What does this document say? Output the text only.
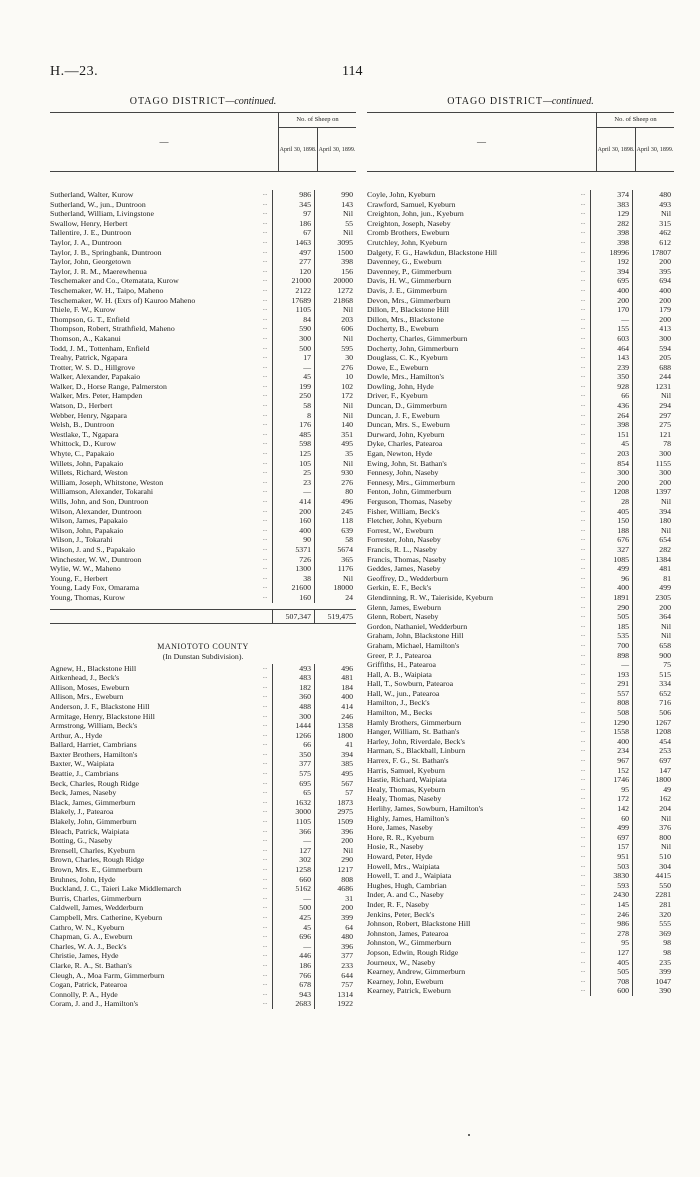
H.—23.	114
OTAGO DISTRICT—continued.
—
No. of Sheep on
April 30, 1898. April 30, 1899.
Sutherland, Walter, Kurow	...	986	990
Sutherland, W., jun., Duntroon	...	345	143
Sutherland, William, Livingstone	...	97	Nil
Swallow, Henry, Herbert	...	186	55
Tallentire, J. E., Duntroon	...	67	Nil
Taylor, J. A., Duntroon	...	1463	3095
Taylor, J. B., Springbank, Duntroon	...	497	1500
Taylor, John, Georgetown	...	277	398
Taylor, J. R. M., Maerewhenua	...	120	156
Teschemaker and Co., Otematata, Kurow	...	21000	20000
Teschemaker, W. H., Taipo, Maheno	...	2122	1272
Teschemaker, W. H. (Exrs of) Kauroo Maheno	...	17689	21868
Thiele, F. W., Kurow	...	1105	Nil
Thompson, G. T., Enfield	...	84	203
Thompson, Robert, Strathfield, Maheno	...	590	606
Thomson, A., Kakanui	...	300	Nil
Todd, J. M., Tottenham, Enfield	...	500	595
Treahy, Patrick, Ngapara	...	17	30
Trotter, W. S. D., Hillgrove	...	—	276
Walker, Alexander, Papakaio	...	45	10
Walker, D., Horse Range, Palmerston	...	199	102
Walker, Mrs. Peter, Hampden	...	250	172
Watson, D., Herbert	...	58	Nil
Webber, Henry, Ngapara	...	8	Nil
Welsh, B., Duntroon	...	176	140
Westlake, T., Ngapara	...	485	351
Whittock, D., Kurow	...	598	495
Whyte, C., Papakaio	...	125	35
Willets, John, Papakaio	...	105	Nil
Willets, Richard, Weston	...	25	930
William, Joseph, Whitstone, Weston	...	23	276
Williamson, Alexander, Tokarahi	...	—	80
Wills, John, and Son, Duntroon	...	414	496
Wilson, Alexander, Duntroon	...	200	245
Wilson, James, Papakaio	...	160	118
Wilson, John, Papakaio	...	400	639
Wilson, J., Tokarahi	...	90	58
Wilson, J. and S., Papakaio	...	5371	5674
Winchester, W. W., Duntroon	...	726	365
Wylie, W. W., Maheno	...	1300	1176
Young, F., Herbert	...	38	Nil
Young, Lady Fox, Omarama	...	21600	18000
Young, Thomas, Kurow	...	160	24
507,347	519,475
MANIOTOTO COUNTY
(In Dunstan Subdivision).
Agnew, H., Blackstone Hill	...	493	496
Aitkenhead, J., Beck's	...	483	481
Allison, Moses, Eweburn	...	182	184
Allison, Mrs., Eweburn	...	360	400
Anderson, J. F., Blackstone Hill	...	488	414
Armitage, Henry, Blackstone Hill	...	300	246
Armstrong, William, Beck's	...	1444	1358
Arthur, A., Hyde	...	1266	1800
Ballard, Harriet, Cambrians	...	66	41
Baxter Brothers, Hamilton's	...	350	394
Baxter, W., Waipiata	...	377	385
Beattie, J., Cambrians	...	575	495
Beck, Charles, Rough Ridge	...	695	567
Beck, James, Naseby	...	65	57
Black, James, Gimmerburn	...	1632	1873
Blakely, J., Patearoa	...	3000	2975
Blakely, John, Gimmerburn	...	1105	1509
Bleach, Patrick, Waipiata	...	366	396
Botting, G., Naseby	...	—	200
Brensell, Charles, Kyeburn	...	127	Nil
Brown, Charles, Rough Ridge	...	302	290
Brown, Mrs. E., Gimmerburn	...	1258	1217
Bruhnes, John, Hyde	...	660	808
Buckland, J. C., Taieri Lake Middlemarch	...	5162	4686
Burris, Charles, Gimmerburn	...	—	31
Caldwell, James, Wedderburn	...	500	200
Campbell, Mrs. Catherine, Kyeburn	...	425	399
Cathro, W. N., Kyeburn	...	45	64
Chapman, G. A., Eweburn	...	696	480
Charles, W. A. J., Beck's	...	—	396
Christie, James, Hyde	...	446	377
Clarke, R. A., St. Bathan's	...	186	233
Cleugh, A., Moa Farm, Gimmerburn	...	766	644
Cogan, Patrick, Patearoa	...	678	757
Connolly, P. A., Hyde	...	943	1314
Coram, J. and J., Hamilton's	...	2683	1922
OTAGO DISTRICT—continued.
—
No. of Sheep on
April 30, 1898. April 30, 1899.
Coyle, John, Kyeburn	...	374	480
Crawford, Samuel, Kyeburn	...	383	493
Creighton, John, jun., Kyeburn	...	129	Nil
Creighton, Joseph, Naseby	...	282	315
Cromb Brothers, Eweburn	...	398	462
Crutchley, John, Kyeburn	...	398	612
Dalgety, F. G., Hawkdun, Blackstone Hill	...	18996	17807
Davenney, G., Eweburn	...	192	200
Davenney, P., Gimmerburn	...	394	395
Davis, H. W., Gimmerburn	...	695	694
Davis, J. E., Gimmerburn	...	400	400
Devon, Mrs., Gimmerburn	...	200	200
Dillon, P., Blackstone Hill	...	170	179
Dillon, Mrs., Blackstone	...	—	200
Docherty, B., Eweburn	...	155	413
Docherty, Charles, Gimmerburn	...	603	300
Docherty, John, Gimmerburn	...	464	594
Douglass, C. K., Kyeburn	...	143	205
Dowe, E., Eweburn	...	239	688
Dowle, Mrs., Hamilton's	...	350	244
Dowling, John, Hyde	...	928	1231
Driver, F., Kyeburn	...	66	Nil
Duncan, D., Gimmerburn	...	436	294
Duncan, J. F., Eweburn	...	264	297
Duncan, Mrs. S., Eweburn	...	398	275
Durward, John, Kyeburn	...	151	121
Dyke, Charles, Patearoa	...	45	78
Egan, Newton, Hyde	...	203	300
Ewing, John, St. Bathan's	...	854	1155
Fennesy, John, Naseby	...	300	300
Fennesy, Mrs., Gimmerburn	...	200	200
Fenton, John, Gimmerburn	...	1208	1397
Ferguson, Thomas, Naseby	...	28	Nil
Fisher, William, Beck's	...	405	394
Fletcher, John, Kyeburn	...	150	180
Forrest, W., Eweburn	...	188	Nil
Forrester, John, Naseby	...	676	654
Francis, R. L., Naseby	...	327	282
Francis, Thomas, Naseby	...	1085	1384
Geddes, James, Naseby	...	499	481
Geoffrey, D., Wedderburn	...	96	81
Gerkin, E. F., Beck's	...	400	499
Glendinning, R. W., Taieriside, Kyeburn	...	1891	2305
Glenn, James, Eweburn	...	290	200
Glenn, Robert, Naseby	...	505	364
Gordon, Nathaniel, Wedderburn	...	185	Nil
Graham, John, Blackstone Hill	...	535	Nil
Graham, Michael, Hamilton's	...	700	658
Greer, P. J., Patearoa	...	898	900
Griffiths, H., Patearoa	...	—	75
Hall, A. B., Waipiata	...	193	515
Hall, T., Sowburn, Patearoa	...	291	334
Hall, W., jun., Patearoa	...	557	652
Hamilton, J., Beck's	...	808	716
Hamilton, M., Becks	...	508	506
Hamly Brothers, Gimmerburn	...	1290	1267
Hanger, William, St. Bathan's	...	1558	1208
Harley, John, Riverdale, Beck's	...	400	454
Harman, S., Blackball, Linburn	...	234	253
Harrex, F. G., St. Bathan's	...	967	697
Harris, Samuel, Kyeburn	...	152	147
Hastie, Richard, Waipiata	...	1746	1800
Healy, Thomas, Kyeburn	...	95	49
Healy, Thomas, Naseby	...	172	162
Herlihy, James, Sowburn, Hamilton's	...	142	204
Highly, James, Hamilton's	...	60	Nil
Hore, James, Naseby	...	499	376
Hore, R. R., Kyeburn	...	697	800
Hosie, R., Naseby	...	157	Nil
Howard, Peter, Hyde	...	951	510
Howell, Mrs., Waipiata	...	503	304
Howell, T. and J., Waipiata	...	3830	4415
Hughes, Hugh, Cambrian	...	593	550
Inder, A. and C., Naseby	...	2430	2281
Inder, R. F., Naseby	...	145	281
Jenkins, Peter, Beck's	...	246	320
Johnson, Robert, Blackstone Hill	...	986	555
Johnston, James, Patearoa	...	278	369
Johnston, W., Gimmerburn	...	95	98
Jopson, Edwin, Rough Ridge	...	127	98
Journeux, W., Naseby	...	405	235
Kearney, Andrew, Gimmerburn	...	505	399
Kearney, John, Eweburn	...	708	1047
Kearney, Patrick, Eweburn	...	600	390
